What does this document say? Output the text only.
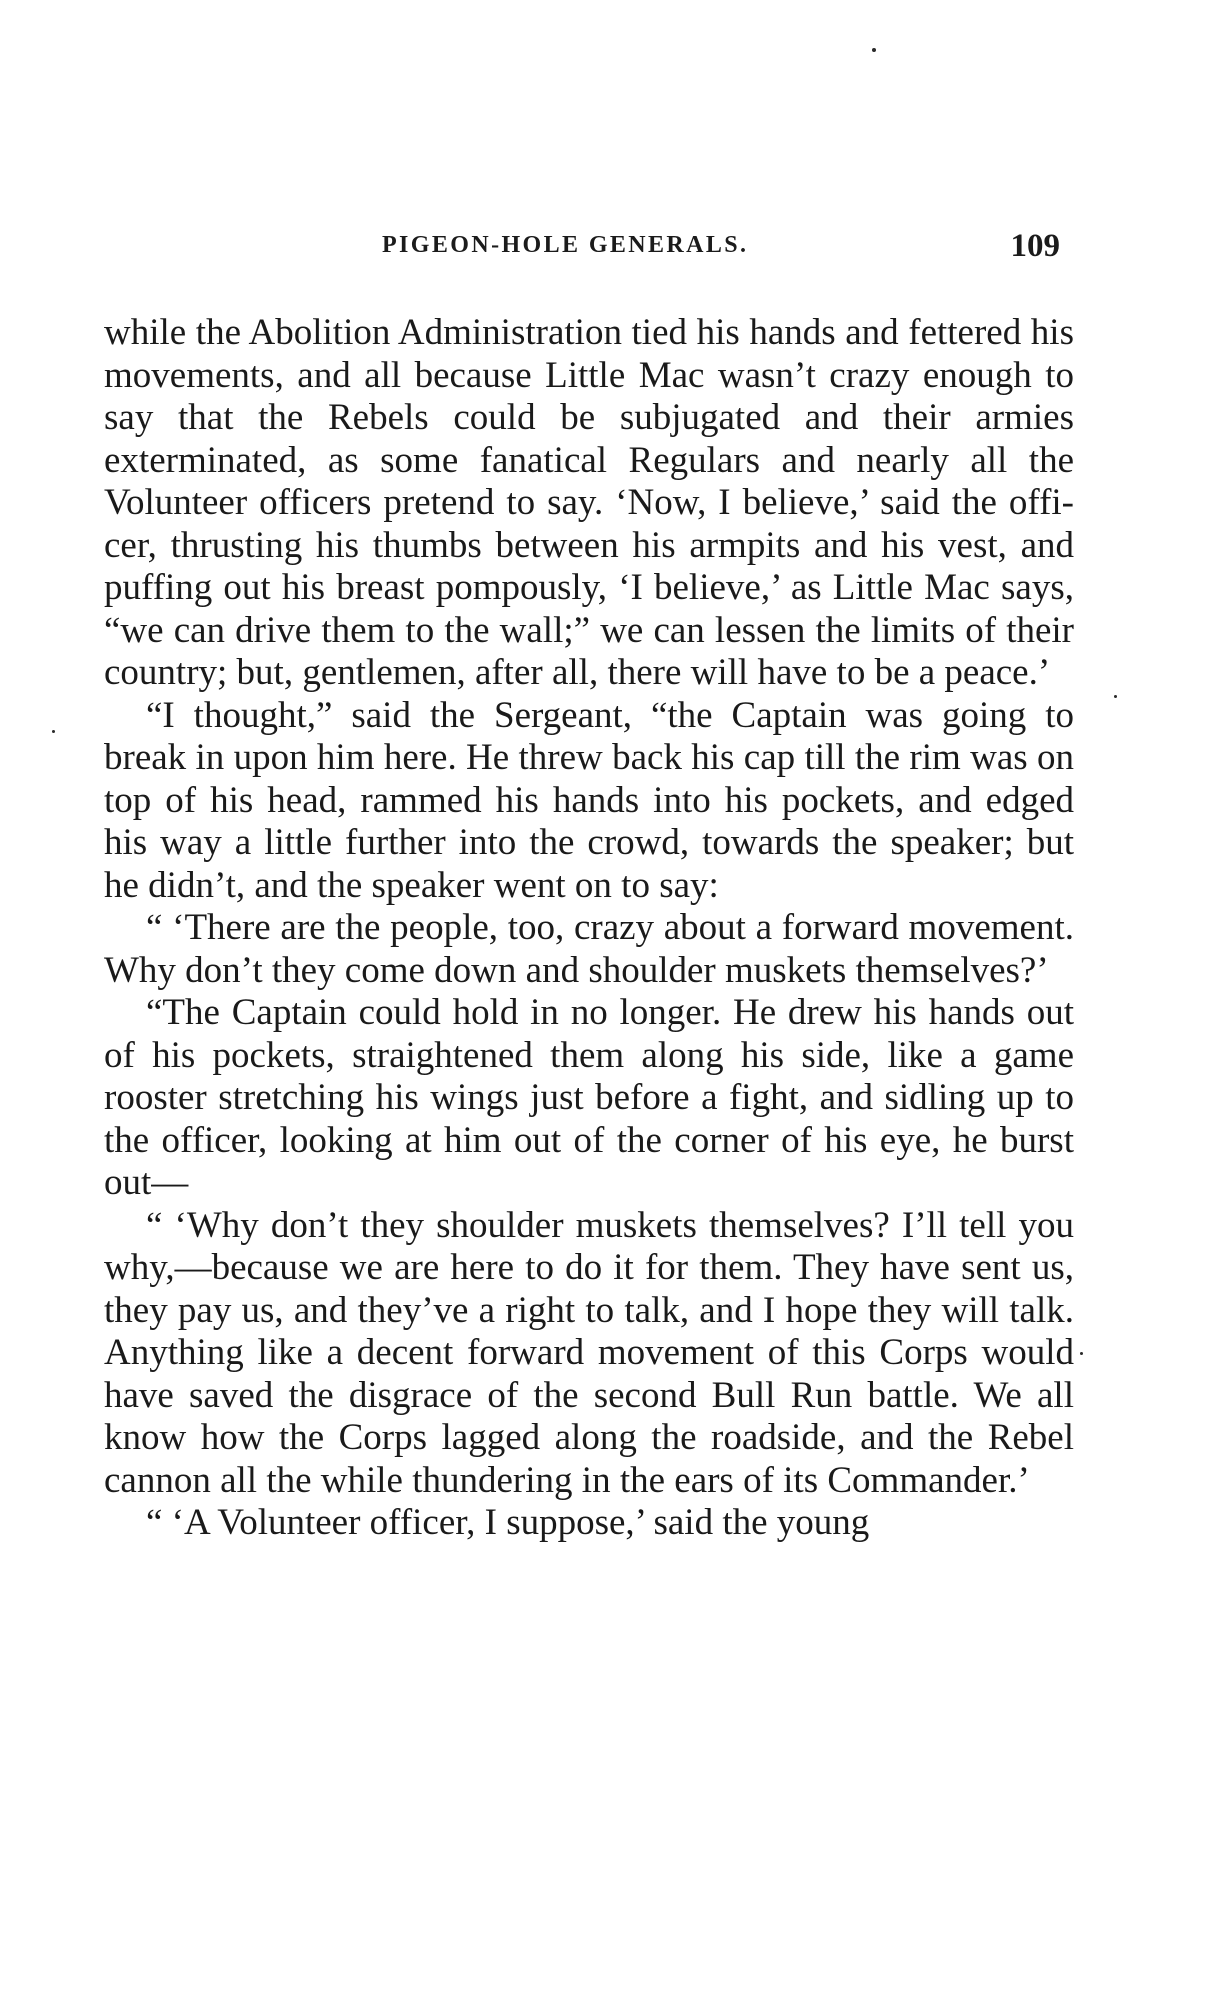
PIGEON-HOLE GENERALS.	109

while the Abolition Administration tied his hands and fettered his movements, and all because Little Mac wasn’t crazy enough to say that the Rebels could be subjugated and their armies exterminated, as some fanatical Regulars and nearly all the Volunteer officers pretend to say. ‘Now, I believe,’ said the officer, thrusting his thumbs between his armpits and his vest, and puffing out his breast pompously, ‘I believe,’ as Little Mac says, “we can drive them to the wall;” we can lessen the limits of their country; but, gentlemen, after all, there will have to be a peace.’

“I thought,” said the Sergeant, “the Captain was going to break in upon him here. He threw back his cap till the rim was on top of his head, rammed his hands into his pockets, and edged his way a little further into the crowd, towards the speaker; but he didn’t, and the speaker went on to say:

“ ‘There are the people, too, crazy about a forward movement. Why don’t they come down and shoulder muskets themselves?’

“The Captain could hold in no longer. He drew his hands out of his pockets, straightened them along his side, like a game rooster stretching his wings just before a fight, and sidling up to the officer, looking at him out of the corner of his eye, he burst out—

“ ‘Why don’t they shoulder muskets themselves? I’ll tell you why,—because we are here to do it for them. They have sent us, they pay us, and they’ve a right to talk, and I hope they will talk. Anything like a decent forward movement of this Corps would have saved the disgrace of the second Bull Run battle. We all know how the Corps lagged along the roadside, and the Rebel cannon all the while thundering in the ears of its Commander.’

“ ‘A Volunteer officer, I suppose,’ said the young
